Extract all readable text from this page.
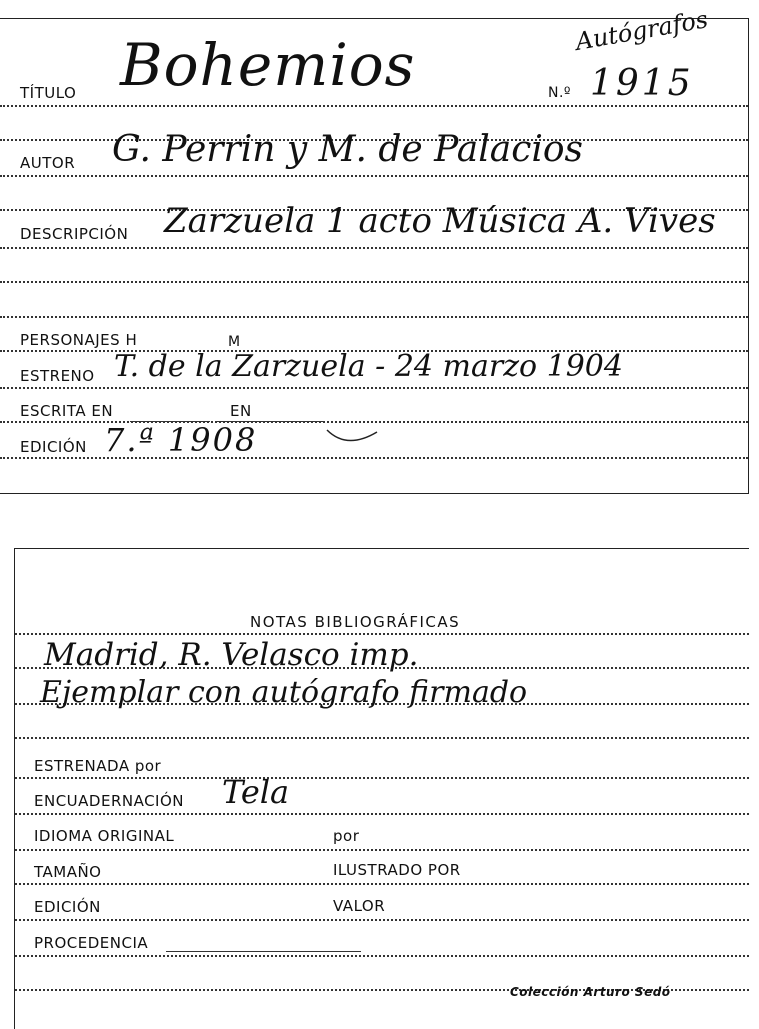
TÍTULO Bohemios	N.º 1915
Autógrafos
AUTOR G. Perrin y M. de Palacios
DESCRIPCIÓN Zarzuela 1 acto Música A. Vives
PERSONAJES H	M
ESTRENO T. de la Zarzuela - 24 marzo 1904
ESCRITA EN	EN
EDICIÓN 7.ª 1908
NOTAS BIBLIOGRÁFICAS
Madrid, R. Velasco imp.
Ejemplar con autógrafo firmado
ESTRENADA por
ENCUADERNACIÓN Tela
IDIOMA ORIGINAL	por
TAMAÑO	ILUSTRADO POR
EDICIÓN	VALOR
PROCEDENCIA
Colección Arturo Sedó
